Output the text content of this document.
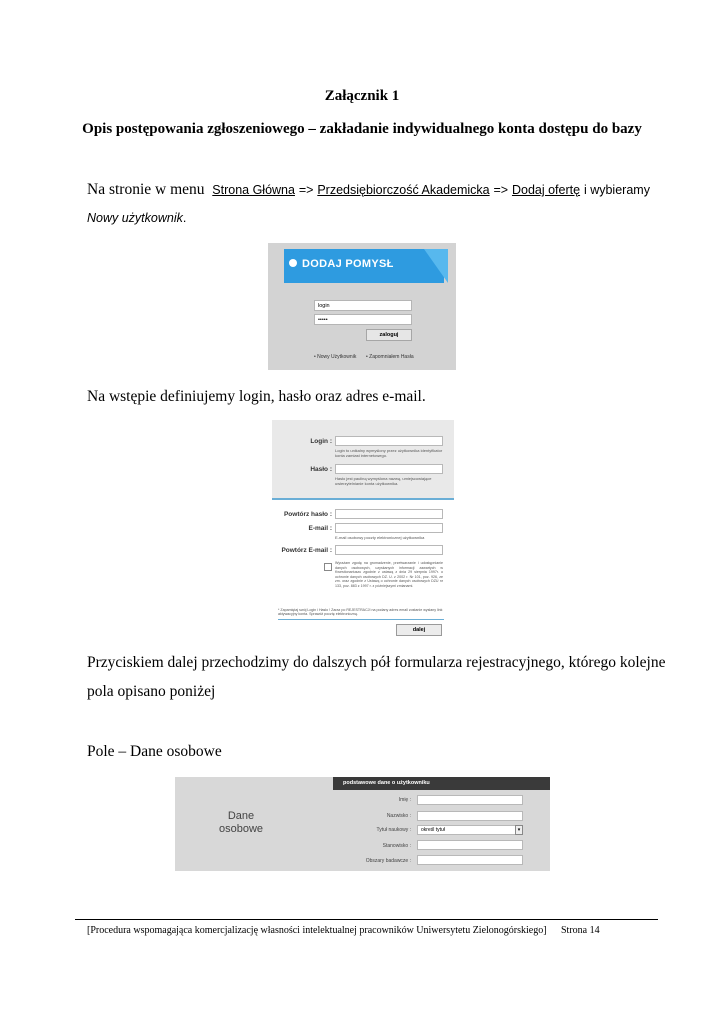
Załącznik 1
Opis postępowania zgłoszeniowego – zakładanie indywidualnego konta dostępu do bazy
Na stronie w menu Strona Główna => Przedsiębiorczość Akademicka => Dodaj ofertę i wybieramy
Nowy użytkownik.
DODAJ POMYSŁ
login
•••••
zaloguj
• Nowy Użytkownik • Zapomniałem Hasła
Na wstępie definiujemy login, hasło oraz adres e-mail.
Login :
Login to unikalny wymyślony przez użytkownika identyfikator konta zamiast internetowego.
Hasło :
Hasło jest pauliną wymyślona nazwą, umiejscowiające uwierzytelnianie konta użytkownika.
Powtórz hasło :
E-mail :
E-mail osobowy poczty elektronicznej użytkownika
Powtórz E-mail :
Wyrażam zgodę na gromadzenie, przetwarzanie i udostępnianie danych osobowych, uzyskanych informacji zawartych w Kwestionariuszu zgodnie z ustawą z dnia 29 sierpnia 1997r. o ochronie danych osobowych DZ. U. z 2002 r. Nr 101, poz. 926, ze zm. oraz zgodnie z Ustawą o ochronie danych osobowych DZU nr 133, poz. 883 z 1997 r. z późniejszymi zmianami.
* Zapamiętaj swój Login i Hasło ! Zaraz po REJESTRACJI na podany adres email zostanie wysłany link aktywacyjny konta. Sprawdź pocztę elektroniczną.
dalej
Przyciskiem dalej przechodzimy do dalszych pół formularza rejestracyjnego, którego kolejne
pola opisano poniżej
Pole – Dane osobowe
podstawowe dane o użytkowniku
Dane
osobowe
Imię :
Nazwisko :
Tytuł naukowy :	określ tytuł	▾
Stanowisko :
Obszary badawcze :
[Procedura wspomagająca komercjalizację własności intelektualnej pracowników Uniwersytetu Zielonogórskiego] Strona 14
